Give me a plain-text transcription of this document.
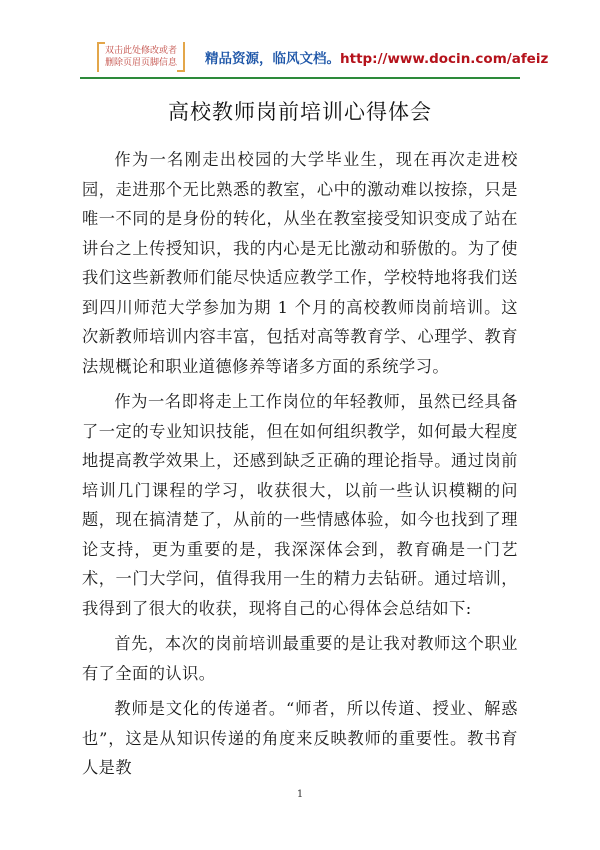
双击此处修改或者
删除页眉页脚信息	精品资源，临风文档。http://www.docin.com/afeiz
高校教师岗前培训心得体会

作为一名刚走出校园的大学毕业生，现在再次走进校园，走进那个无比熟悉的教室，心中的激动难以按捺，只是唯一不同的是身份的转化，从坐在教室接受知识变成了站在讲台之上传授知识，我的内心是无比激动和骄傲的。为了使我们这些新教师们能尽快适应教学工作，学校特地将我们送到四川师范大学参加为期 1 个月的高校教师岗前培训。这次新教师培训内容丰富，包括对高等教育学、心理学、教育法规概论和职业道德修养等诸多方面的系统学习。

作为一名即将走上工作岗位的年轻教师，虽然已经具备了一定的专业知识技能，但在如何组织教学，如何最大程度地提高教学效果上，还感到缺乏正确的理论指导。通过岗前培训几门课程的学习，收获很大，以前一些认识模糊的问题，现在搞清楚了，从前的一些情感体验，如今也找到了理论支持，更为重要的是，我深深体会到，教育确是一门艺术，一门大学问，值得我用一生的精力去钻研。通过培训，我得到了很大的收获，现将自己的心得体会总结如下:

首先，本次的岗前培训最重要的是让我对教师这个职业有了全面的认识。

教师是文化的传递者。“师者，所以传道、授业、解惑也”，这是从知识传递的角度来反映教师的重要性。教书育人是教

1
